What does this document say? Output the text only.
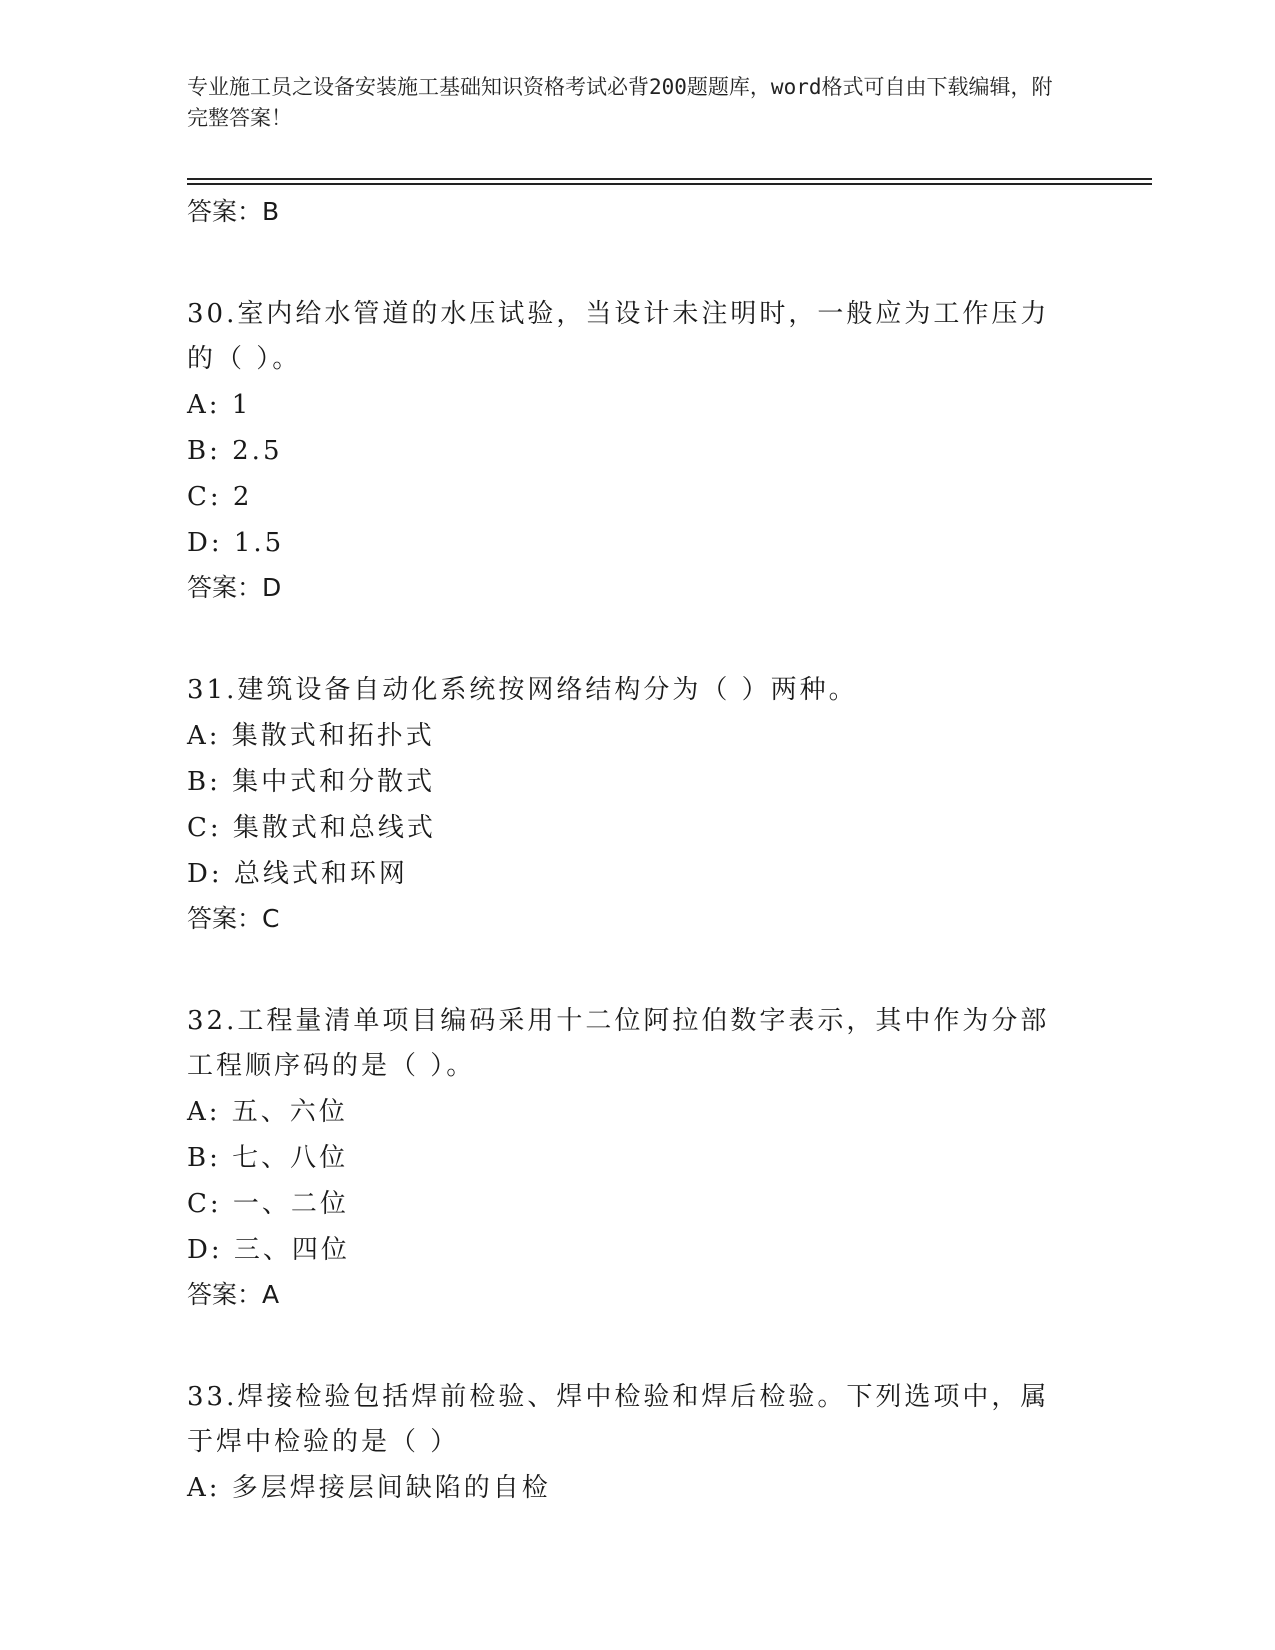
专业施工员之设备安装施工基础知识资格考试必背200题题库，word格式可自由下载编辑，附完整答案！
答案：B
30.室内给水管道的水压试验，当设计未注明时，一般应为工作压力的（ ）。
A: 1
B: 2.5
C: 2
D: 1.5
答案：D
31.建筑设备自动化系统按网络结构分为（ ）两种。
A: 集散式和拓扑式
B: 集中式和分散式
C: 集散式和总线式
D: 总线式和环网
答案：C
32.工程量清单项目编码采用十二位阿拉伯数字表示，其中作为分部工程顺序码的是（ ）。
A: 五、六位
B: 七、八位
C: 一、二位
D: 三、四位
答案：A
33.焊接检验包括焊前检验、焊中检验和焊后检验。下列选项中，属于焊中检验的是（ ）
A: 多层焊接层间缺陷的自检
